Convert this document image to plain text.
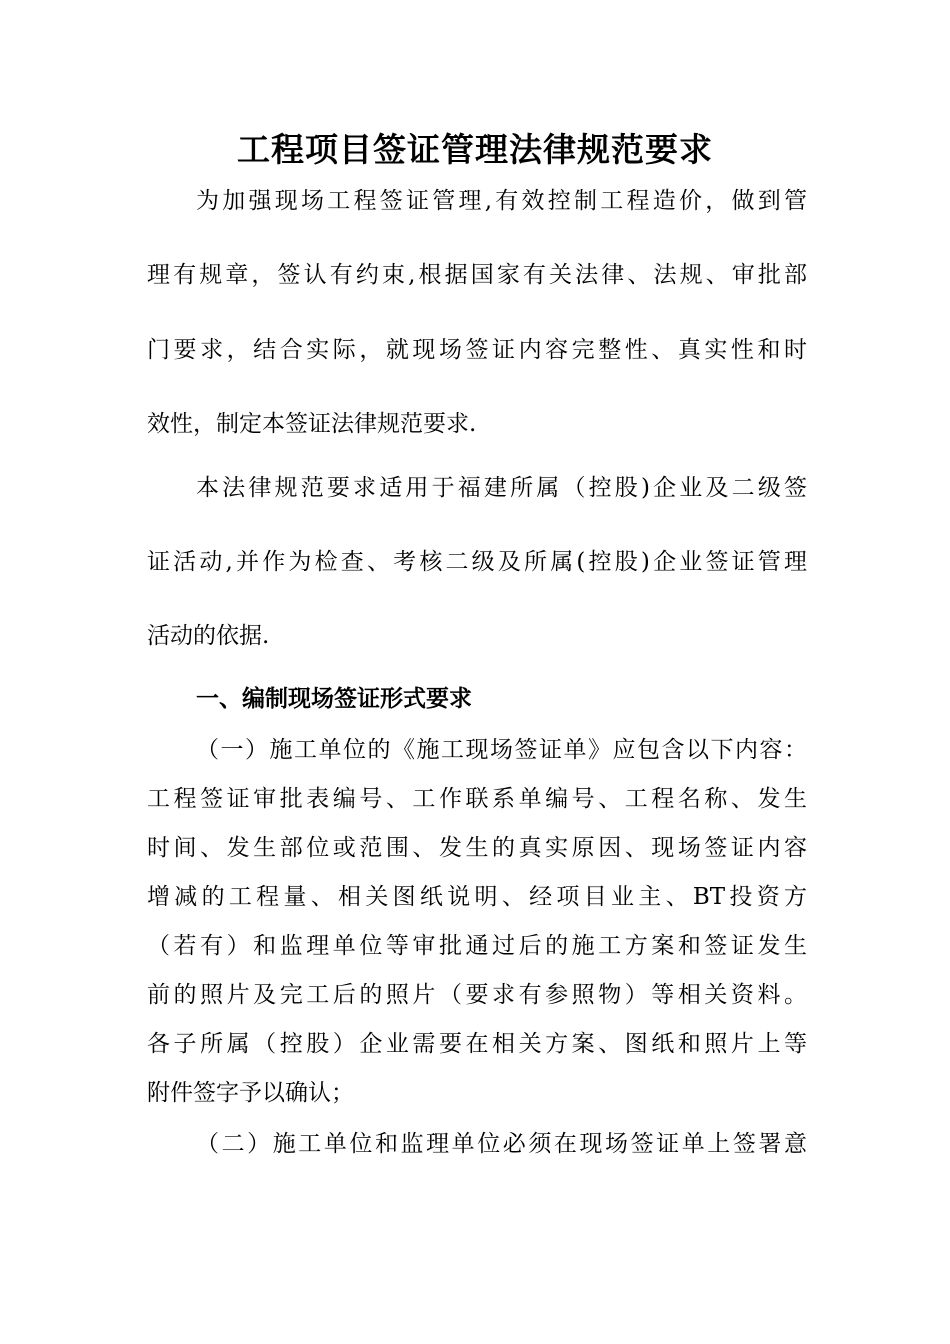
工程项目签证管理法律规范要求
为加强现场工程签证管理,有效控制工程造价，做到管
理有规章，签认有约束,根据国家有关法律、法规、审批部
门要求，结合实际，就现场签证内容完整性、真实性和时
效性，制定本签证法律规范要求.
本法律规范要求适用于福建所属（控股)企业及二级签
证活动,并作为检查、考核二级及所属(控股)企业签证管理
活动的依据.
一、编制现场签证形式要求
（一）施工单位的《施工现场签证单》应包含以下内容：
工程签证审批表编号、工作联系单编号、工程名称、发生
时间、发生部位或范围、发生的真实原因、现场签证内容
增减的工程量、相关图纸说明、经项目业主、BT投资方
（若有）和监理单位等审批通过后的施工方案和签证发生
前的照片及完工后的照片（要求有参照物）等相关资料。
各子所属（控股）企业需要在相关方案、图纸和照片上等
附件签字予以确认；
（二）施工单位和监理单位必须在现场签证单上签署意
